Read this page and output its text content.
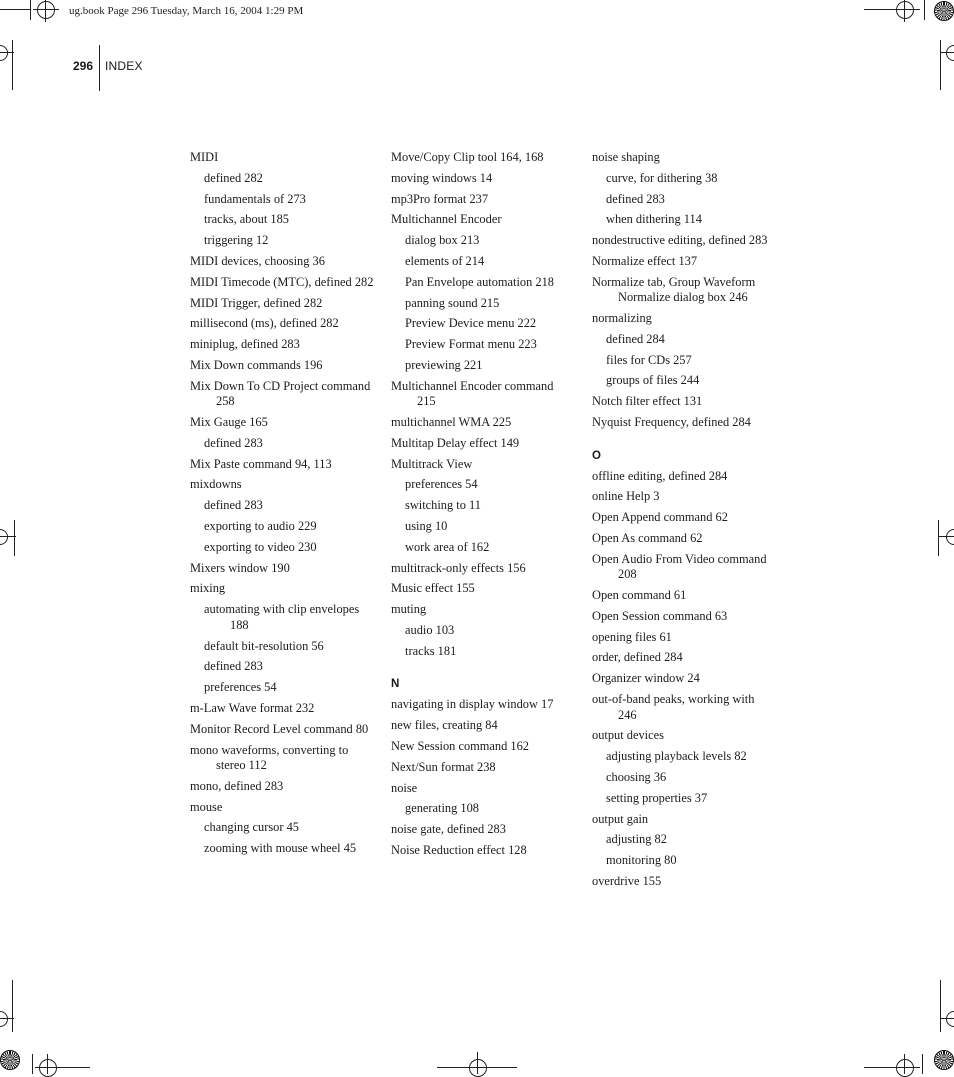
ug.book Page 296 Tuesday, March 16, 2004 1:29 PM
296 INDEX
MIDI
defined 282
fundamentals of 273
tracks, about 185
triggering 12
MIDI devices, choosing 36
MIDI Timecode (MTC), defined 282
MIDI Trigger, defined 282
millisecond (ms), defined 282
miniplug, defined 283
Mix Down commands 196
Mix Down To CD Project command 258
Mix Gauge 165
defined 283
Mix Paste command 94, 113
mixdowns
defined 283
exporting to audio 229
exporting to video 230
Mixers window 190
mixing
automating with clip envelopes 188
default bit-resolution 56
defined 283
preferences 54
m-Law Wave format 232
Monitor Record Level command 80
mono waveforms, converting to stereo 112
mono, defined 283
mouse
changing cursor 45
zooming with mouse wheel 45
Move/Copy Clip tool 164, 168
moving windows 14
mp3Pro format 237
Multichannel Encoder
dialog box 213
elements of 214
Pan Envelope automation 218
panning sound 215
Preview Device menu 222
Preview Format menu 223
previewing 221
Multichannel Encoder command 215
multichannel WMA 225
Multitap Delay effect 149
Multitrack View
preferences 54
switching to 11
using 10
work area of 162
multitrack-only effects 156
Music effect 155
muting
audio 103
tracks 181
N
navigating in display window 17
new files, creating 84
New Session command 162
Next/Sun format 238
noise
generating 108
noise gate, defined 283
Noise Reduction effect 128
noise shaping
curve, for dithering 38
defined 283
when dithering 114
nondestructive editing, defined 283
Normalize effect 137
Normalize tab, Group Waveform Normalize dialog box 246
normalizing
defined 284
files for CDs 257
groups of files 244
Notch filter effect 131
Nyquist Frequency, defined 284
O
offline editing, defined 284
online Help 3
Open Append command 62
Open As command 62
Open Audio From Video command 208
Open command 61
Open Session command 63
opening files 61
order, defined 284
Organizer window 24
out-of-band peaks, working with 246
output devices
adjusting playback levels 82
choosing 36
setting properties 37
output gain
adjusting 82
monitoring 80
overdrive 155
